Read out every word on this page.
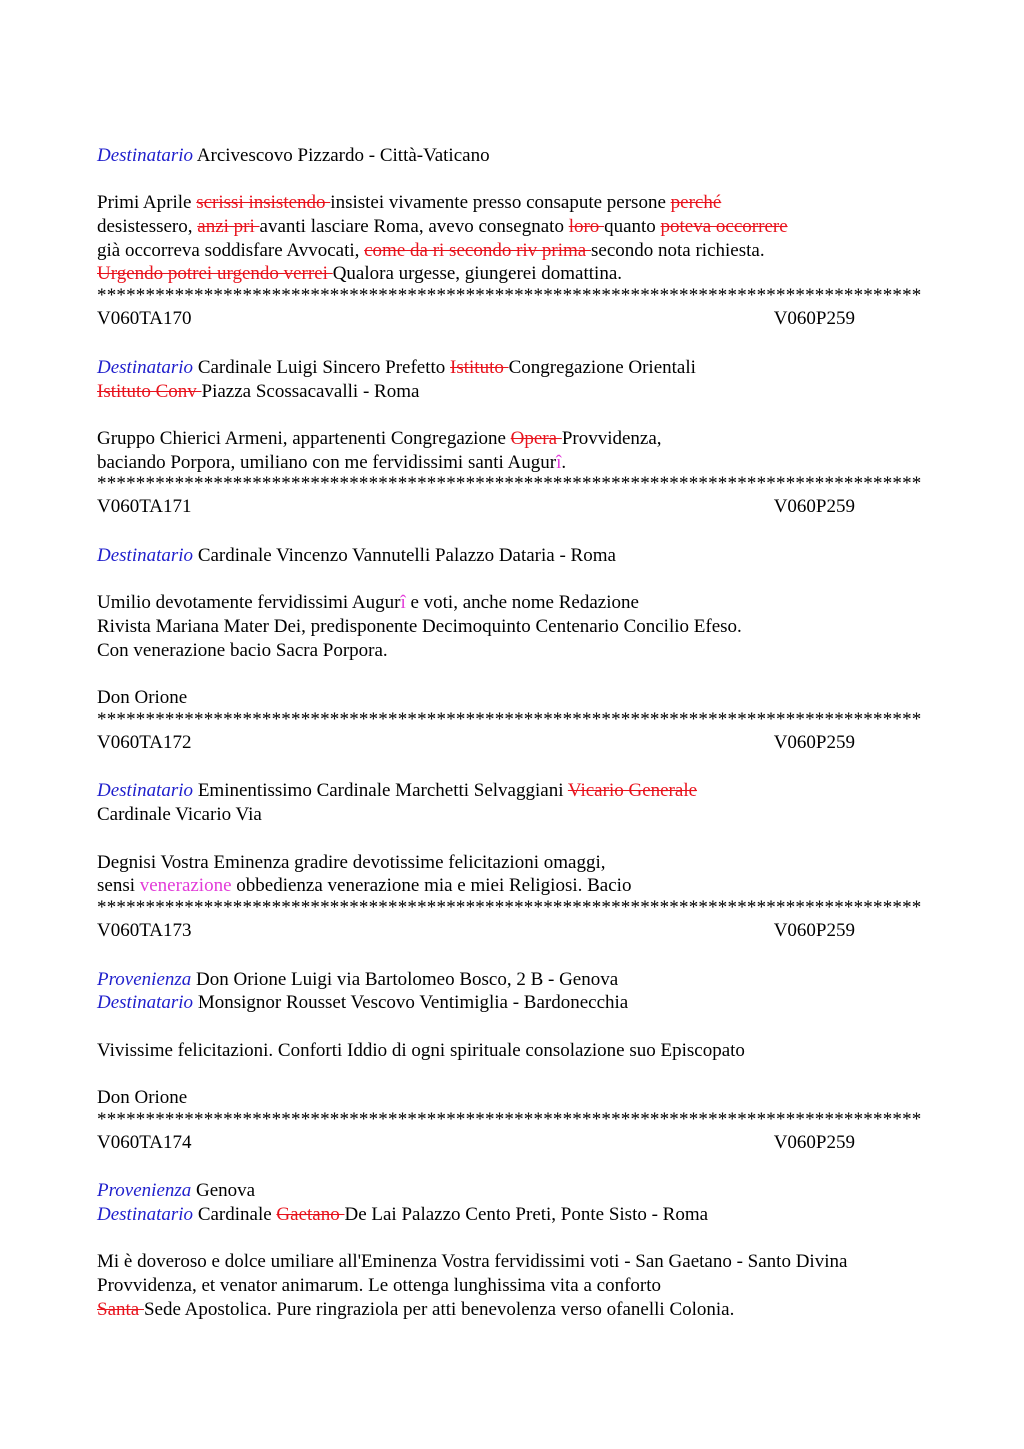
Destinatario Arcivescovo Pizzardo - Città-Vaticano
Primi Aprile scrissi insistendo insistei vivamente presso consapute persone perché
desistessero, anzi pri avanti lasciare Roma, avevo consegnato loro quanto poteva occorrere
già occorreva soddisfare Avvocati, come da ri secondo riv prima secondo nota richiesta.
Urgendo potrei urgendo verrei Qualora urgesse, giungerei domattina.
*************************************************************************************
V060TA170	V060P259
Destinatario Cardinale Luigi Sincero Prefetto Istituto Congregazione Orientali
Istituto Conv Piazza Scossacavalli - Roma
Gruppo Chierici Armeni, appartenenti Congregazione Opera Provvidenza,
baciando Porpora, umiliano con me fervidissimi santi Augurî.
*************************************************************************************
V060TA171	V060P259
Destinatario Cardinale Vincenzo Vannutelli Palazzo Dataria - Roma
Umilio devotamente fervidissimi Augurî e voti, anche nome Redazione
Rivista Mariana Mater Dei, predisponente Decimoquinto Centenario Concilio Efeso.
Con venerazione bacio Sacra Porpora.
Don Orione
*************************************************************************************
V060TA172	V060P259
Destinatario Eminentissimo Cardinale Marchetti Selvaggiani Vicario Generale
Cardinale Vicario Via
Degnisi Vostra Eminenza gradire devotissime felicitazioni omaggi,
sensi venerazione obbedienza venerazione mia e miei Religiosi. Bacio
*************************************************************************************
V060TA173	V060P259
Provenienza Don Orione Luigi via Bartolomeo Bosco, 2 B - Genova
Destinatario Monsignor Rousset Vescovo Ventimiglia - Bardonecchia
Vivissime felicitazioni. Conforti Iddio di ogni spirituale consolazione suo Episcopato
Don Orione
*************************************************************************************
V060TA174	V060P259
Provenienza Genova
Destinatario Cardinale Gaetano De Lai Palazzo Cento Preti, Ponte Sisto - Roma
Mi è doveroso e dolce umiliare all'Eminenza Vostra fervidissimi voti - San Gaetano - Santo Divina
Provvidenza, et venator animarum. Le ottenga lunghissima vita a conforto
Santa Sede Apostolica. Pure ringraziola per atti benevolenza verso ofanelli Colonia.
